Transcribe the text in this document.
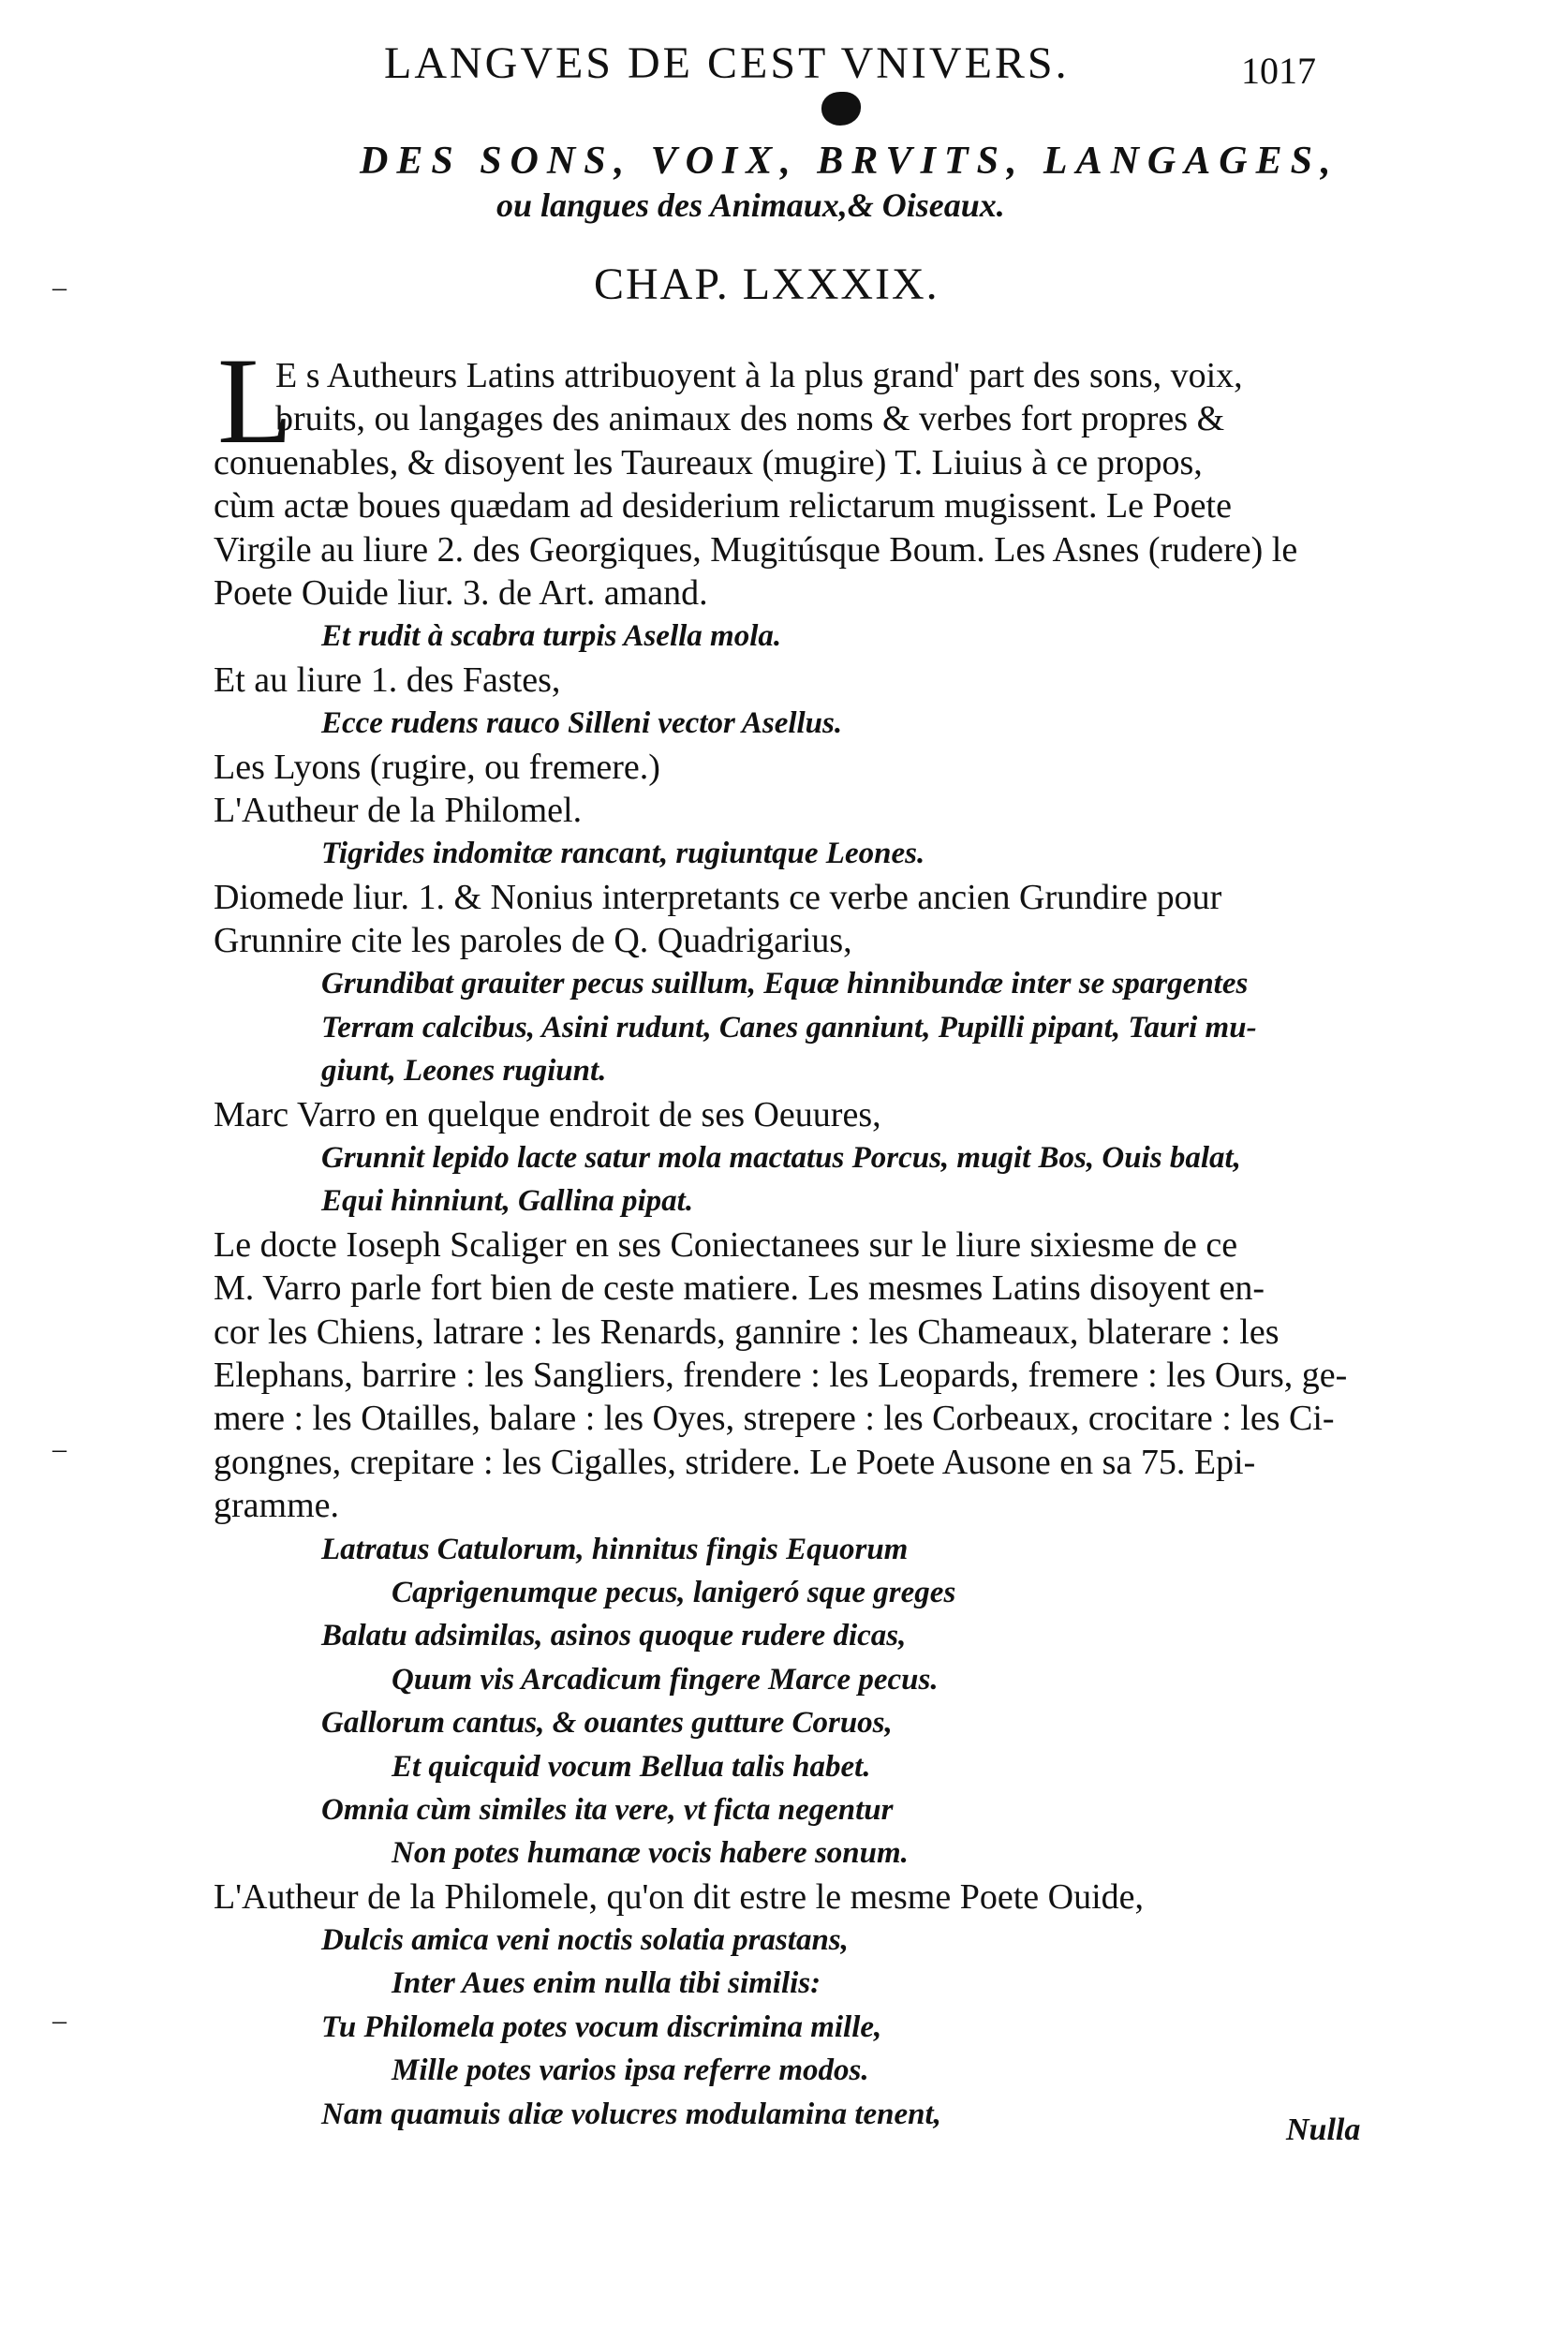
LANGVES DE CEST VNIVERS.	1017
DES SONS, VOIX, BRVITS, LANGAGES,
ou langues des Animaux,& Oiseaux.
CHAP. LXXXIX.
–
–
–
L
E s Autheurs Latins attribuoyent à la plus grand' part des sons, voix,
bruits, ou langages des animaux des noms & verbes fort propres &
conuenables, & disoyent les Taureaux (mugire) T. Liuius à ce propos,
cùm actæ boues quædam ad desiderium relictarum mugissent. Le Poete
Virgile au liure 2. des Georgiques, Mugitúsque Boum. Les Asnes (rudere) le
Poete Ouide liur. 3. de Art. amand.
Et rudit à scabra turpis Asella mola.
Et au liure 1. des Fastes,
Ecce rudens rauco Silleni vector Asellus.
Les Lyons (rugire, ou fremere.)
L'Autheur de la Philomel.
Tigrides indomitæ rancant, rugiuntque Leones.
Diomede liur. 1. & Nonius interpretants ce verbe ancien Grundire pour
Grunnire cite les paroles de Q. Quadrigarius,
Grundibat grauiter pecus suillum, Equæ hinnibundæ inter se spargentes
Terram calcibus, Asini rudunt, Canes ganniunt, Pupilli pipant, Tauri mu-
giunt, Leones rugiunt.
Marc Varro en quelque endroit de ses Oeuures,
Grunnit lepido lacte satur mola mactatus Porcus, mugit Bos, Ouis balat,
Equi hinniunt, Gallina pipat.
Le docte Ioseph Scaliger en ses Coniectanees sur le liure sixiesme de ce
M. Varro parle fort bien de ceste matiere. Les mesmes Latins disoyent en-
cor les Chiens, latrare : les Renards, gannire : les Chameaux, blaterare : les
Elephans, barrire : les Sangliers, frendere : les Leopards, fremere : les Ours, ge-
mere : les Otailles, balare : les Oyes, strepere : les Corbeaux, crocitare : les Ci-
gongnes, crepitare : les Cigalles, stridere. Le Poete Ausone en sa 75. Epi-
gramme.
Latratus Catulorum, hinnitus fingis Equorum
Caprigenumque pecus, lanigeró sque greges
Balatu adsimilas, asinos quoque rudere dicas,
Quum vis Arcadicum fingere Marce pecus.
Gallorum cantus, & ouantes gutture Coruos,
Et quicquid vocum Bellua talis habet.
Omnia cùm similes ita vere, vt ficta negentur
Non potes humanæ vocis habere sonum.
L'Autheur de la Philomele, qu'on dit estre le mesme Poete Ouide,
Dulcis amica veni noctis solatia prastans,
Inter Aues enim nulla tibi similis:
Tu Philomela potes vocum discrimina mille,
Mille potes varios ipsa referre modos.
Nam quamuis aliæ volucres modulamina tenent,	Nulla
